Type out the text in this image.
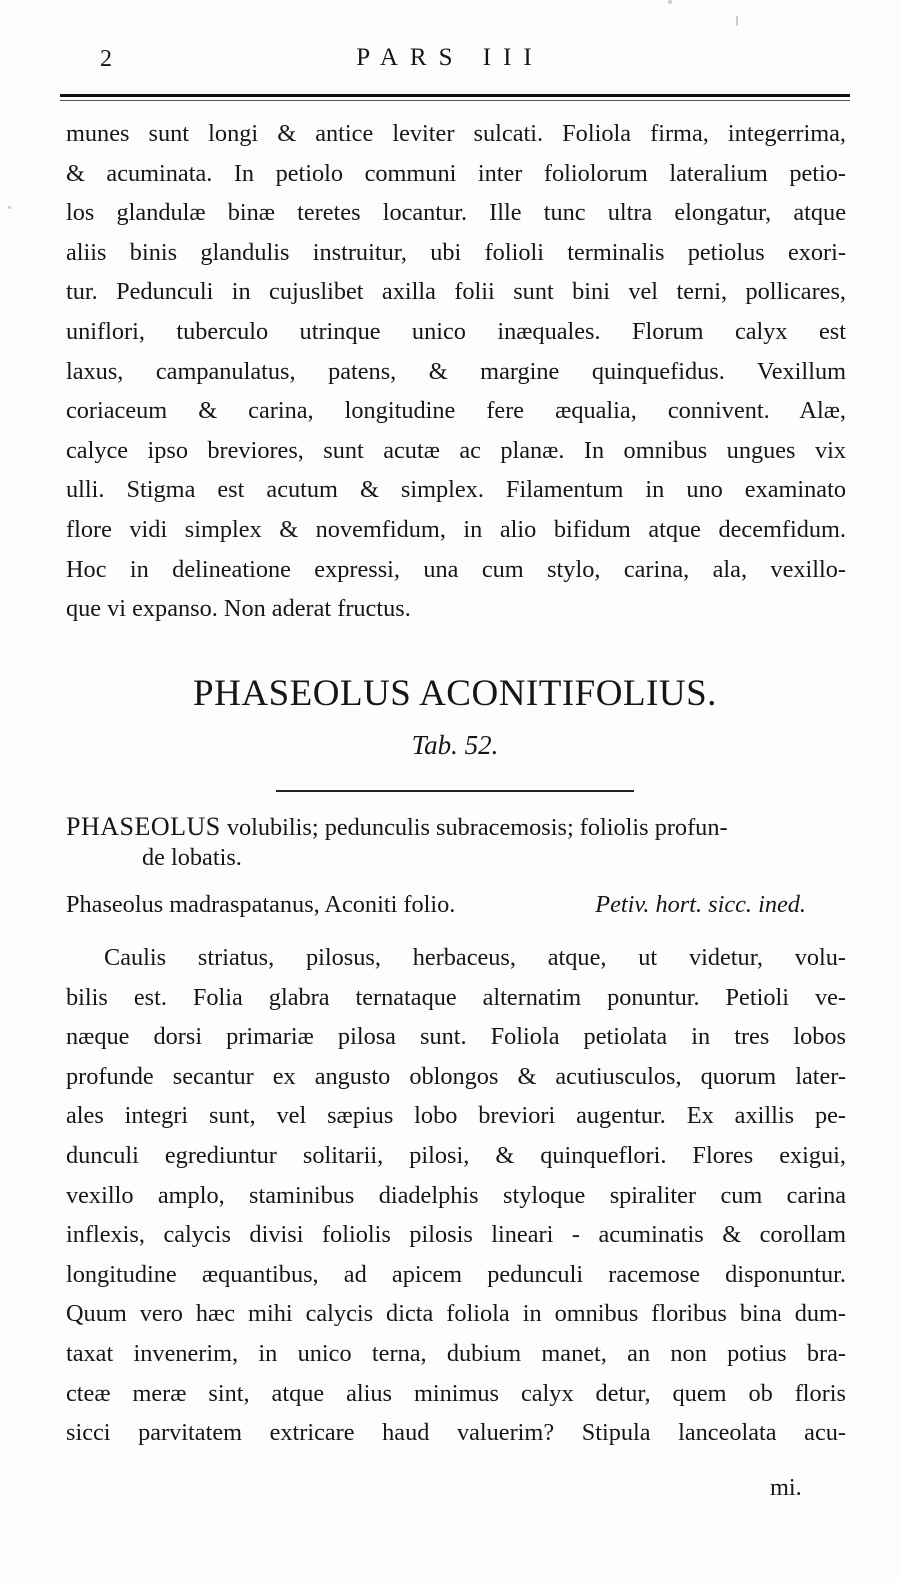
2	PARS III
munes sunt longi & antice leviter sulcati. Foliola firma, integerrima,
& acuminata. In petiolo communi inter foliolorum lateralium petio-
los glandulæ binæ teretes locantur. Ille tunc ultra elongatur, atque
aliis binis glandulis instruitur, ubi folioli terminalis petiolus exori-
tur. Pedunculi in cujuslibet axilla folii sunt bini vel terni, pollicares,
uniflori, tuberculo utrinque unico inæquales. Florum calyx est
laxus, campanulatus, patens, & margine quinquefidus. Vexillum
coriaceum & carina, longitudine fere æqualia, connivent. Alæ,
calyce ipso breviores, sunt acutæ ac planæ. In omnibus ungues vix
ulli. Stigma est acutum & simplex. Filamentum in uno examinato
flore vidi simplex & novemfidum, in alio bifidum atque decemfidum.
Hoc in delineatione expressi, una cum stylo, carina, ala, vexillo-
que vi expanso. Non aderat fructus.
PHASEOLUS ACONITIFOLIUS.
Tab. 52.
PHASEOLUS volubilis; pedunculis subracemosis; foliolis profun-
de lobatis.
Phaseolus madraspatanus, Aconiti folio.	Petiv. hort. sicc. ined.
Caulis striatus, pilosus, herbaceus, atque, ut videtur, volu-
bilis est. Folia glabra ternataque alternatim ponuntur. Petioli ve-
næque dorsi primariæ pilosa sunt. Foliola petiolata in tres lobos
profunde secantur ex angusto oblongos & acutiusculos, quorum later-
ales integri sunt, vel sæpius lobo breviori augentur. Ex axillis pe-
dunculi egrediuntur solitarii, pilosi, & quinqueflori. Flores exigui,
vexillo amplo, staminibus diadelphis styloque spiraliter cum carina
inflexis, calycis divisi foliolis pilosis lineari - acuminatis & corollam
longitudine æquantibus, ad apicem pedunculi racemose disponuntur.
Quum vero hæc mihi calycis dicta foliola in omnibus floribus bina dum-
taxat invenerim, in unico terna, dubium manet, an non potius bra-
cteæ meræ sint, atque alius minimus calyx detur, quem ob floris
sicci parvitatem extricare haud valuerim? Stipula lanceolata acu-
mi.
